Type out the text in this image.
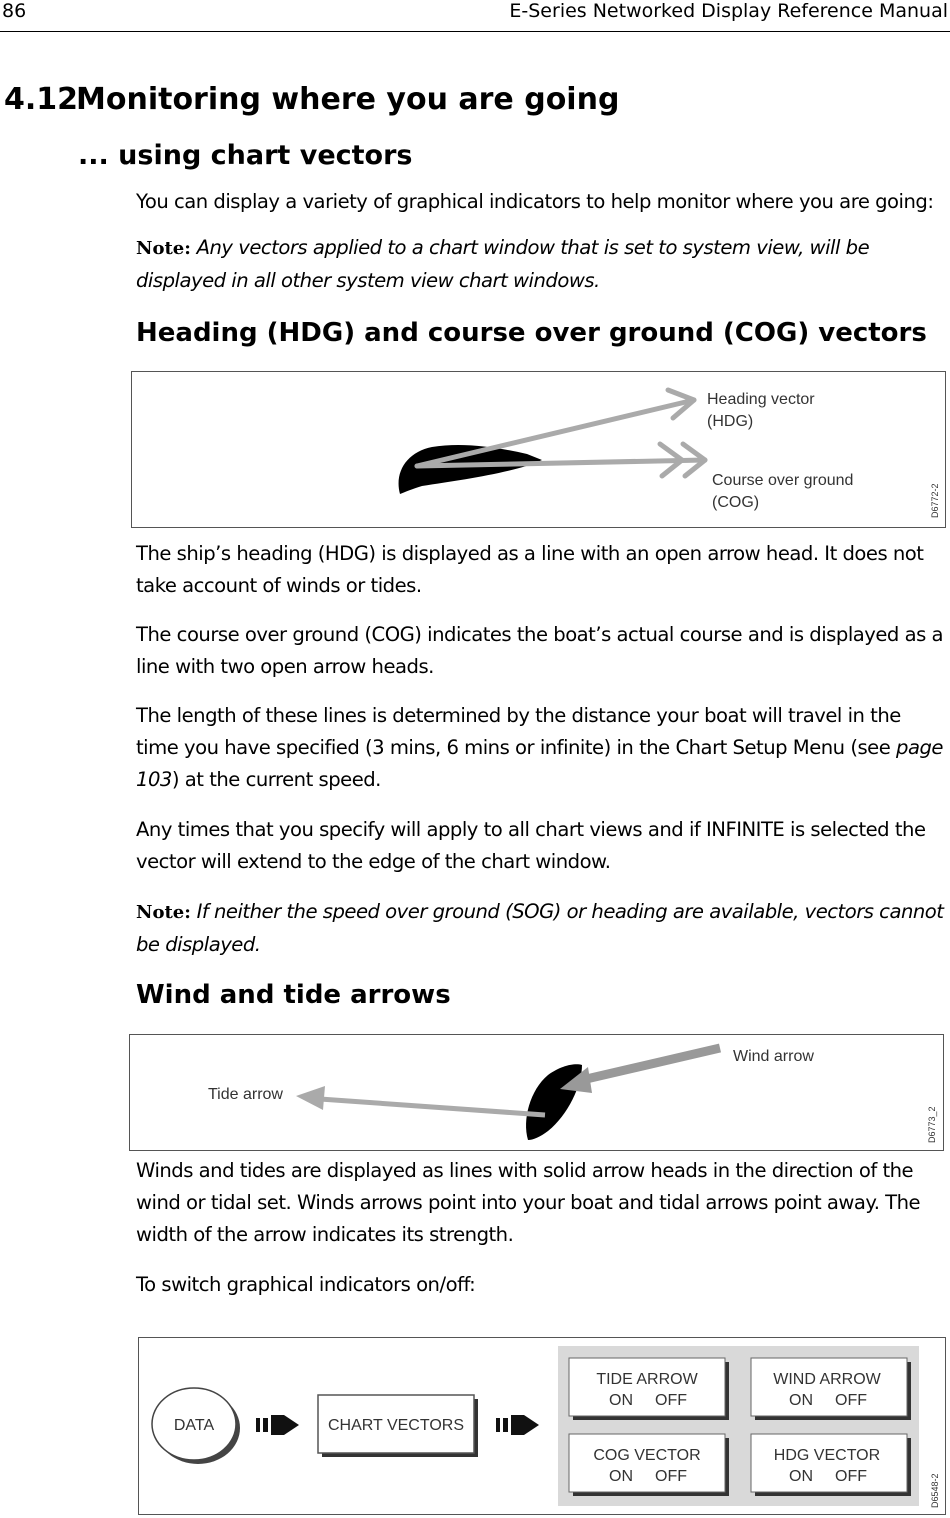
86	E-Series Networked Display Reference Manual
4.12Monitoring where you are going
... using chart vectors
You can display a variety of graphical indicators to help monitor where you are going:
Note: Any vectors applied to a chart window that is set to system view, will be displayed in all other system view chart windows.
Heading (HDG) and course over ground (COG) vectors
Heading vector
(HDG)
Course over ground
(COG)	D6772-2
The ship’s heading (HDG) is displayed as a line with an open arrow head. It does not take account of winds or tides.
The course over ground (COG) indicates the boat’s actual course and is displayed as a line with two open arrow heads.
The length of these lines is determined by the distance your boat will travel in the time you have specified (3 mins, 6 mins or infinite) in the Chart Setup Menu (see page 103) at the current speed.
Any times that you specify will apply to all chart views and if INFINITE is selected the vector will extend to the edge of the chart window.
Note: If neither the speed over ground (SOG) or heading are available, vectors cannot be displayed.
Wind and tide arrows
Wind arrow
Tide arrow
D6773_2
Winds and tides are displayed as lines with solid arrow heads in the direction of the wind or tidal set. Winds arrows point into your boat and tidal arrows point away. The width of the arrow indicates its strength.
To switch graphical indicators on/off:
DATA	CHART VECTORS
TIDE ARROW
ON OFF
WIND ARROW
ON OFF
COG VECTOR
ON OFF
HDG VECTOR
ON OFF	D6548-2
